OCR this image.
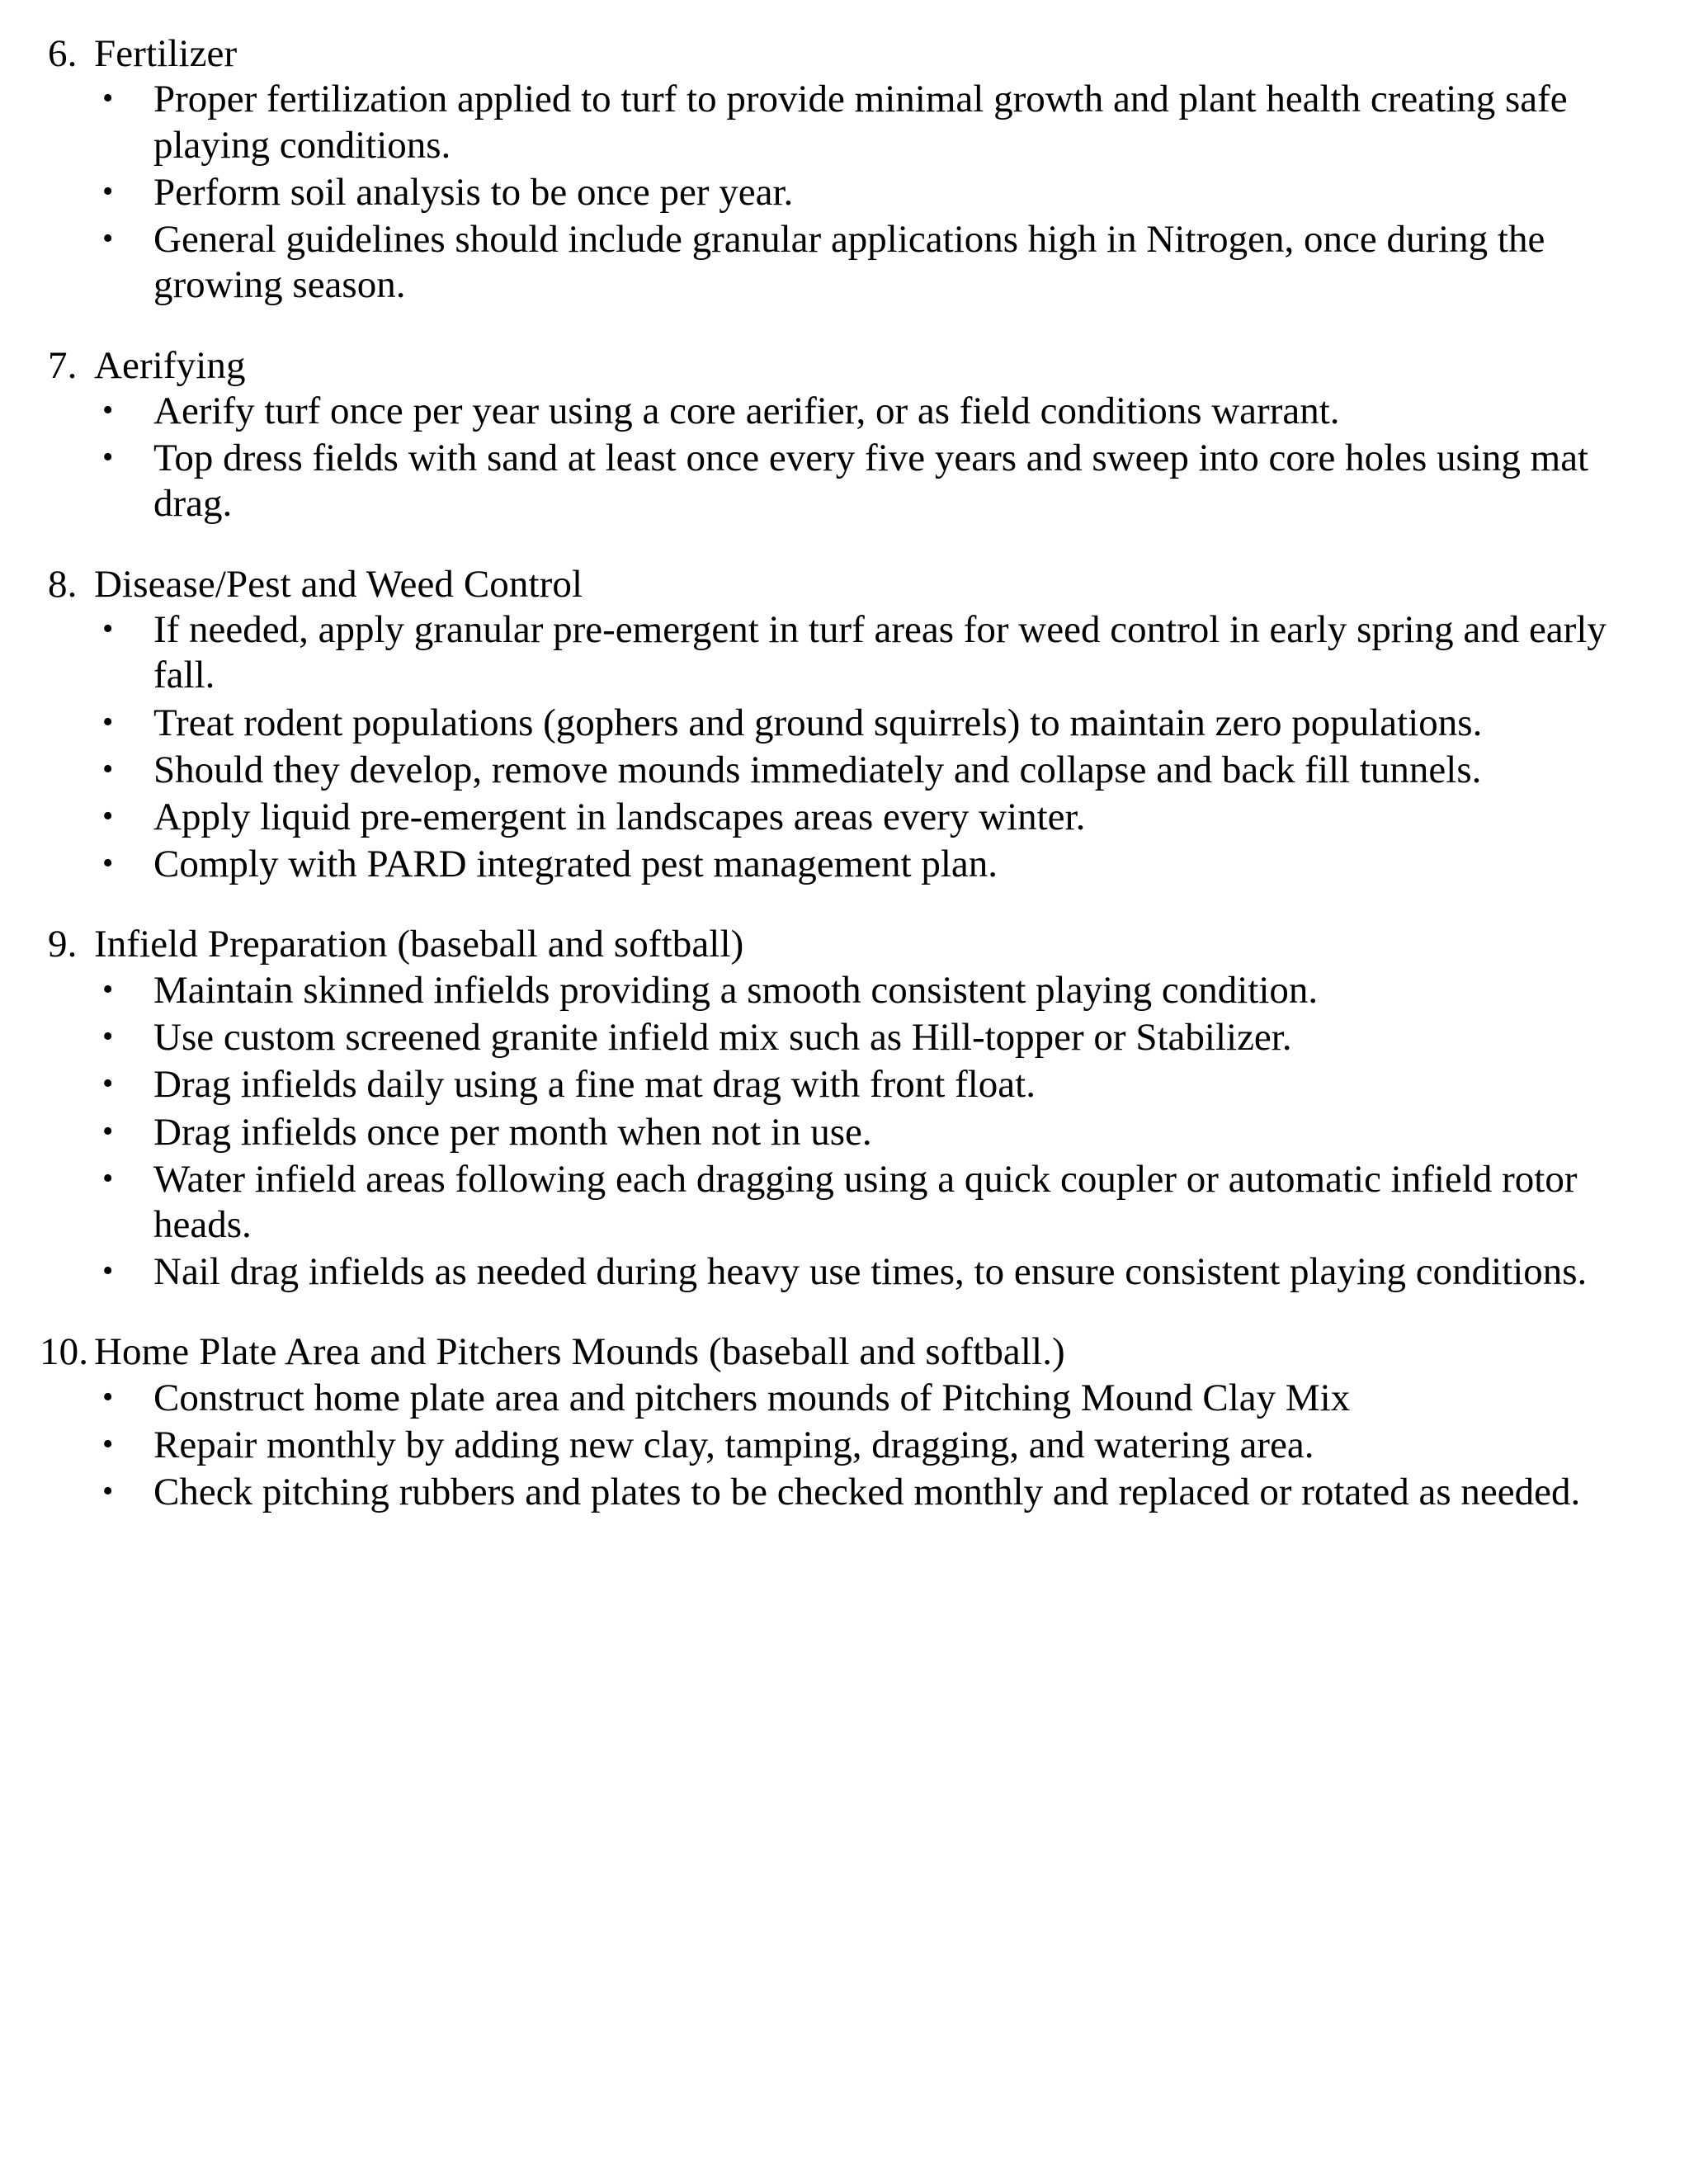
6. Fertilizer
•	Proper fertilization applied to turf to provide minimal growth and plant health creating safe playing conditions.
•	Perform soil analysis to be once per year.
•	General guidelines should include granular applications high in Nitrogen, once during the growing season.
7. Aerifying
•	Aerify turf once per year using a core aerifier, or as field conditions warrant.
•	Top dress fields with sand at least once every five years and sweep into core holes using mat drag.
8. Disease/Pest and Weed Control
•	If needed, apply granular pre-emergent in turf areas for weed control in early spring and early fall.
•	Treat rodent populations (gophers and ground squirrels) to maintain zero populations.
•	Should they develop, remove mounds immediately and collapse and back fill tunnels.
•	Apply liquid pre-emergent in landscapes areas every winter.
•	Comply with PARD integrated pest management plan.
9. Infield Preparation (baseball and softball)
•	Maintain skinned infields providing a smooth consistent playing condition.
•	Use custom screened granite infield mix such as Hill-topper or Stabilizer.
•	Drag infields daily using a fine mat drag with front float.
•	Drag infields once per month when not in use.
•	Water infield areas following each dragging using a quick coupler or automatic infield rotor heads.
•	Nail drag infields as needed during heavy use times, to ensure consistent playing conditions.
10. Home Plate Area and Pitchers Mounds (baseball and softball.)
•	Construct home plate area and pitchers mounds of Pitching Mound Clay Mix
•	Repair monthly by adding new clay, tamping, dragging, and watering area.
•	Check pitching rubbers and plates to be checked monthly and replaced or rotated as needed.
